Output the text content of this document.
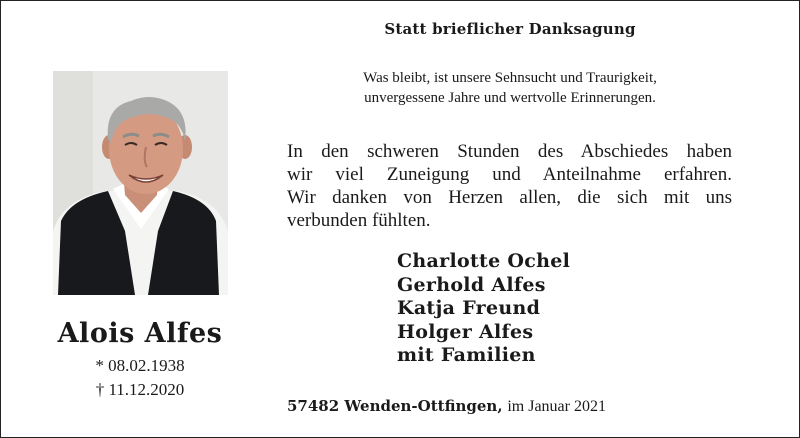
Statt brieflicher Danksagung
Was bleibt, ist unsere Sehnsucht und Traurigkeit,
unvergessene Jahre und wertvolle Erinnerungen.
Alois Alfes
* 08.02.1938
† 11.12.2020
In den schweren Stunden des Abschiedes haben
wir viel Zuneigung und Anteilnahme erfahren.
Wir danken von Herzen allen, die sich mit uns
verbunden fühlten.
Charlotte Ochel
Gerhold Alfes
Katja Freund
Holger Alfes
mit Familien
57482 Wenden-Ottfingen, im Januar 2021
